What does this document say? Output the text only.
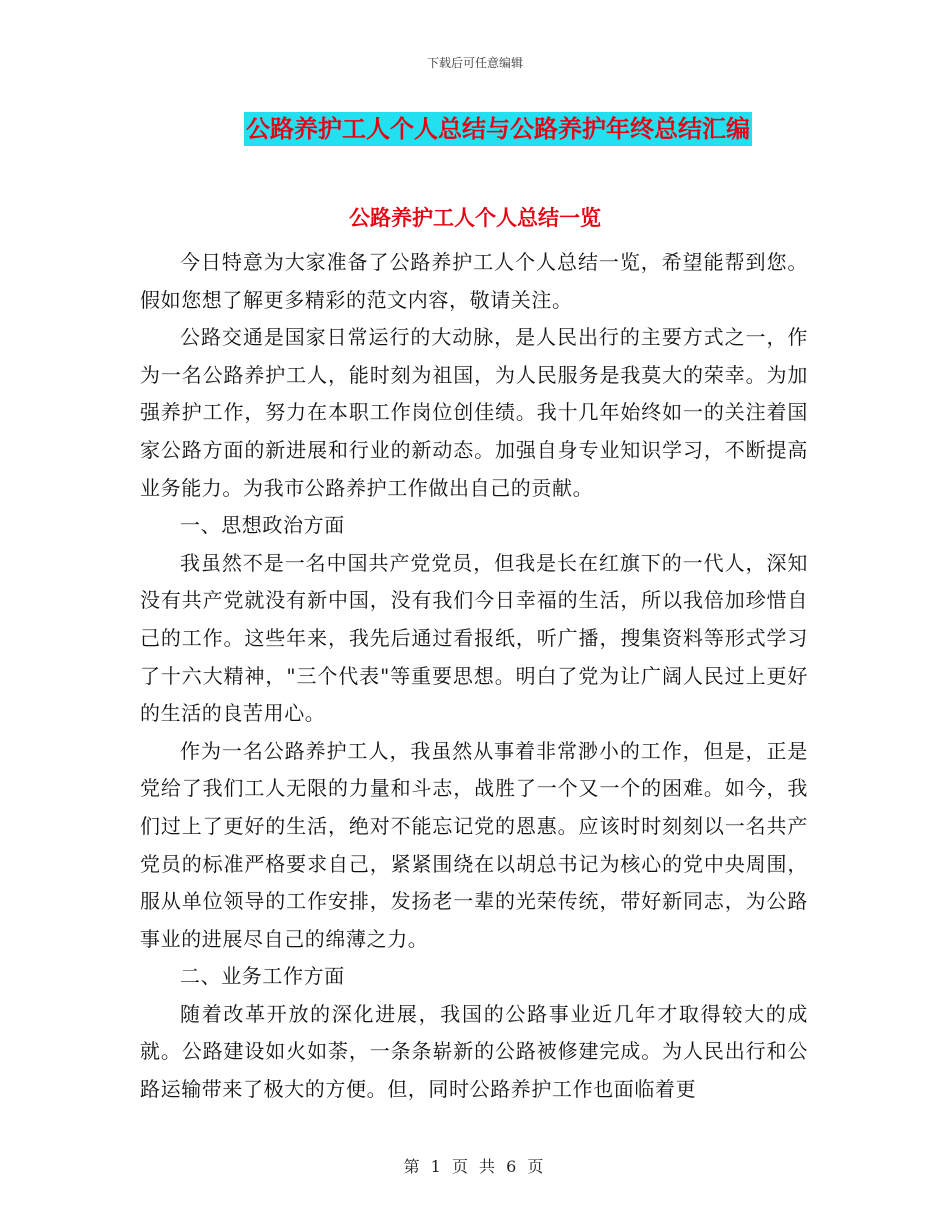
下载后可任意编辑
公路养护工人个人总结与公路养护年终总结汇编
公路养护工人个人总结一览

今日特意为大家准备了公路养护工人个人总结一览，希望能帮到您。假如您想了解更多精彩的范文内容，敬请关注。

公路交通是国家日常运行的大动脉，是人民出行的主要方式之一，作为一名公路养护工人，能时刻为祖国，为人民服务是我莫大的荣幸。为加强养护工作，努力在本职工作岗位创佳绩。我十几年始终如一的关注着国家公路方面的新进展和行业的新动态。加强自身专业知识学习，不断提高业务能力。为我市公路养护工作做出自己的贡献。

一、思想政治方面

我虽然不是一名中国共产党党员，但我是长在红旗下的一代人，深知没有共产党就没有新中国，没有我们今日幸福的生活，所以我倍加珍惜自己的工作。这些年来，我先后通过看报纸，听广播，搜集资料等形式学习了十六大精神，"三个代表"等重要思想。明白了党为让广阔人民过上更好的生活的良苦用心。

作为一名公路养护工人，我虽然从事着非常渺小的工作，但是，正是党给了我们工人无限的力量和斗志，战胜了一个又一个的困难。如今，我们过上了更好的生活，绝对不能忘记党的恩惠。应该时时刻刻以一名共产党员的标准严格要求自己，紧紧围绕在以胡总书记为核心的党中央周围，服从单位领导的工作安排，发扬老一辈的光荣传统，带好新同志，为公路事业的进展尽自己的绵薄之力。

二、业务工作方面

随着改革开放的深化进展，我国的公路事业近几年才取得较大的成就。公路建设如火如荼，一条条崭新的公路被修建完成。为人民出行和公路运输带来了极大的方便。但，同时公路养护工作也面临着更

第 1 页 共 6 页
